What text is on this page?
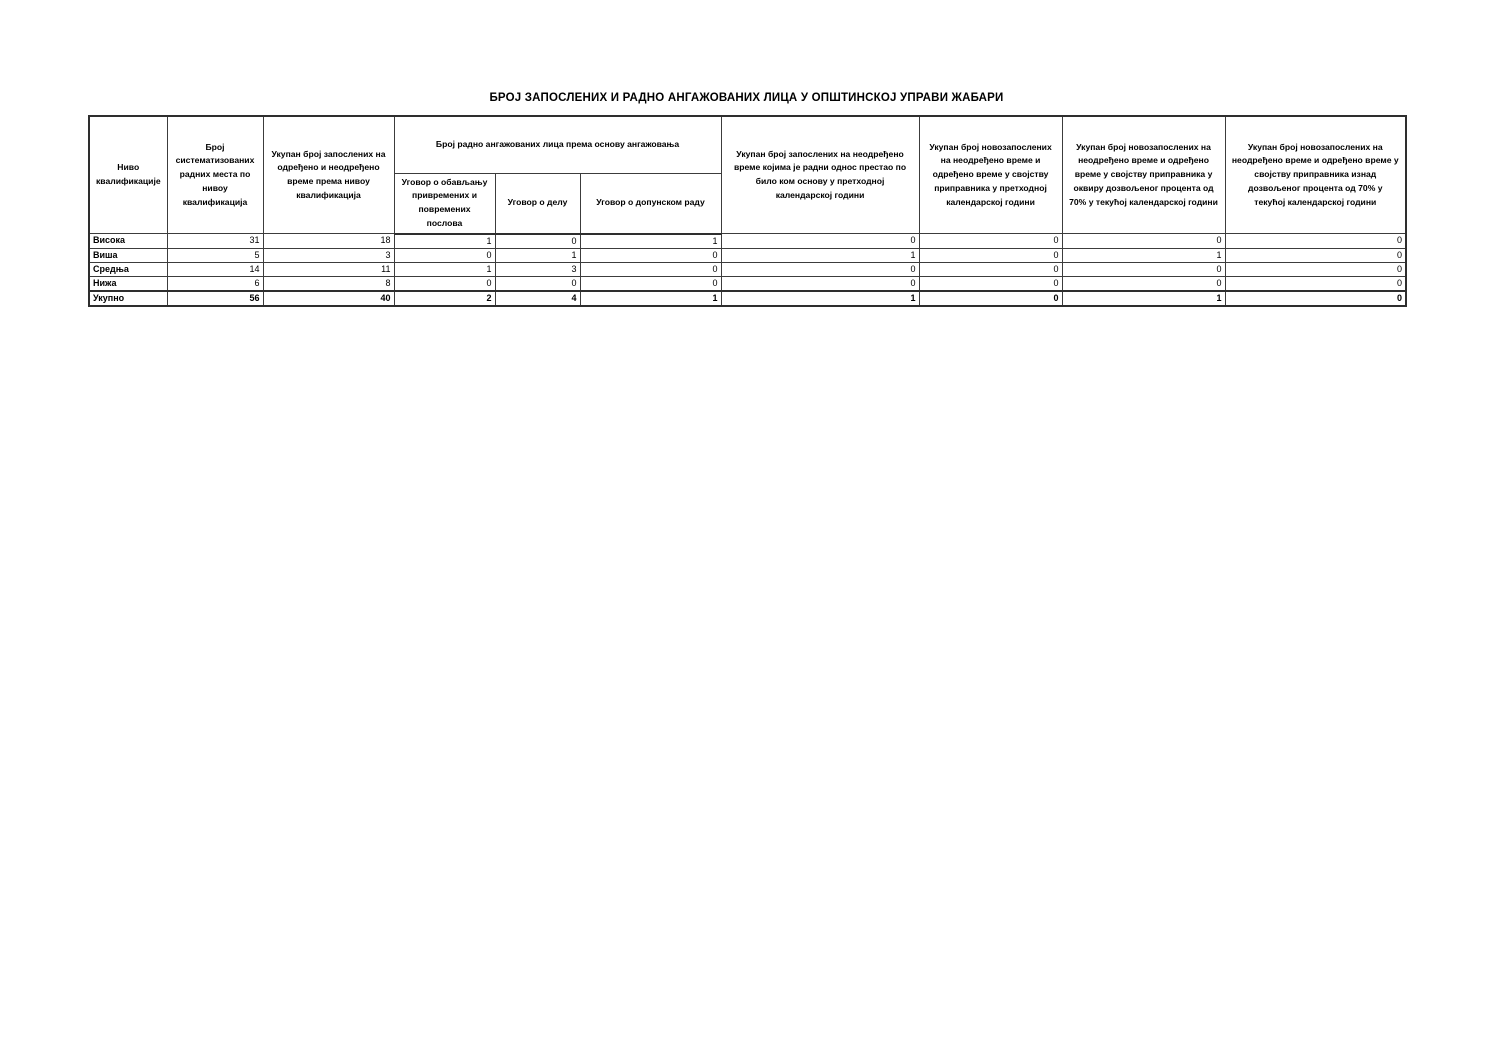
БРОЈ ЗАПОСЛЕНИХ И РАДНО АНГАЖОВАНИХ ЛИЦА У ОПШТИНСКОЈ УПРАВИ ЖАБАРИ
Ниво квалификације	Број систематизованих радних места по нивоу квалификација	Укупан број запослених на одређено и неодређено време према нивоу квалификација	Број радно ангажованих лица према основу ангажовања			Укупан број запослених на неодређено време којима је радни однос престао по било ком основу у претходној календарској години	Укупан број новозапослених на неодређено време и одређено време у својству приправника у претходној календарској години	Укупан број новозапослених на неодређено време и одређено време у својству приправника у оквиру дозвољеног процента од 70% у текућој календарској години	Укупан број новозапослених на неодређено време и одређено време у својству приправника изнад дозвољеног процента од 70% у текућој календарској години
			Уговор о обављању привремених и повремених послова	Уговор о делу	Уговор о допунском раду				
Висока	31	18	1	0	1	0	0	0	0
Виша	5	3	0	1	0	1	0	1	0
Средња	14	11	1	3	0	0	0	0	0
Нижа	6	8	0	0	0	0	0	0	0
Укупно	56	40	2	4	1	1	0	1	0
